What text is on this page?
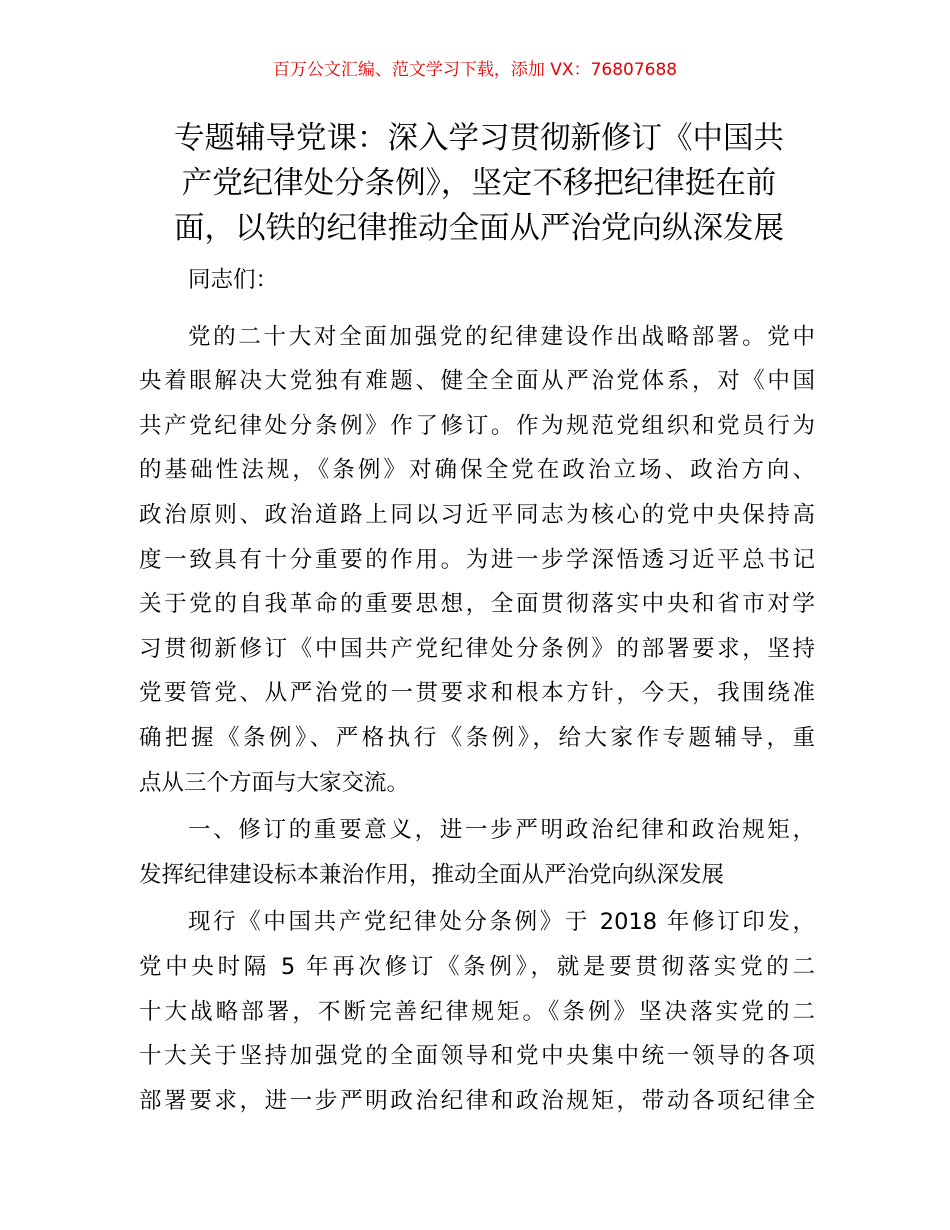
百万公文汇编、范文学习下载，添加 VX：76807688
专题辅导党课：深入学习贯彻新修订《中国共
产党纪律处分条例》，坚定不移把纪律挺在前
面，以铁的纪律推动全面从严治党向纵深发展
同志们：
党的二十大对全面加强党的纪律建设作出战略部署。党中
央着眼解决大党独有难题、健全全面从严治党体系，对《中国
共产党纪律处分条例》作了修订。作为规范党组织和党员行为
的基础性法规，《条例》对确保全党在政治立场、政治方向、
政治原则、政治道路上同以习近平同志为核心的党中央保持高
度一致具有十分重要的作用。为进一步学深悟透习近平总书记
关于党的自我革命的重要思想，全面贯彻落实中央和省市对学
习贯彻新修订《中国共产党纪律处分条例》的部署要求，坚持
党要管党、从严治党的一贯要求和根本方针，今天，我围绕准
确把握《条例》、严格执行《条例》，给大家作专题辅导，重
点从三个方面与大家交流。
一、修订的重要意义，进一步严明政治纪律和政治规矩，
发挥纪律建设标本兼治作用，推动全面从严治党向纵深发展
现行《中国共产党纪律处分条例》于 2018 年修订印发，
党中央时隔 5 年再次修订《条例》，就是要贯彻落实党的二
十大战略部署，不断完善纪律规矩。《条例》坚决落实党的二
十大关于坚持加强党的全面领导和党中央集中统一领导的各项
部署要求，进一步严明政治纪律和政治规矩，带动各项纪律全
